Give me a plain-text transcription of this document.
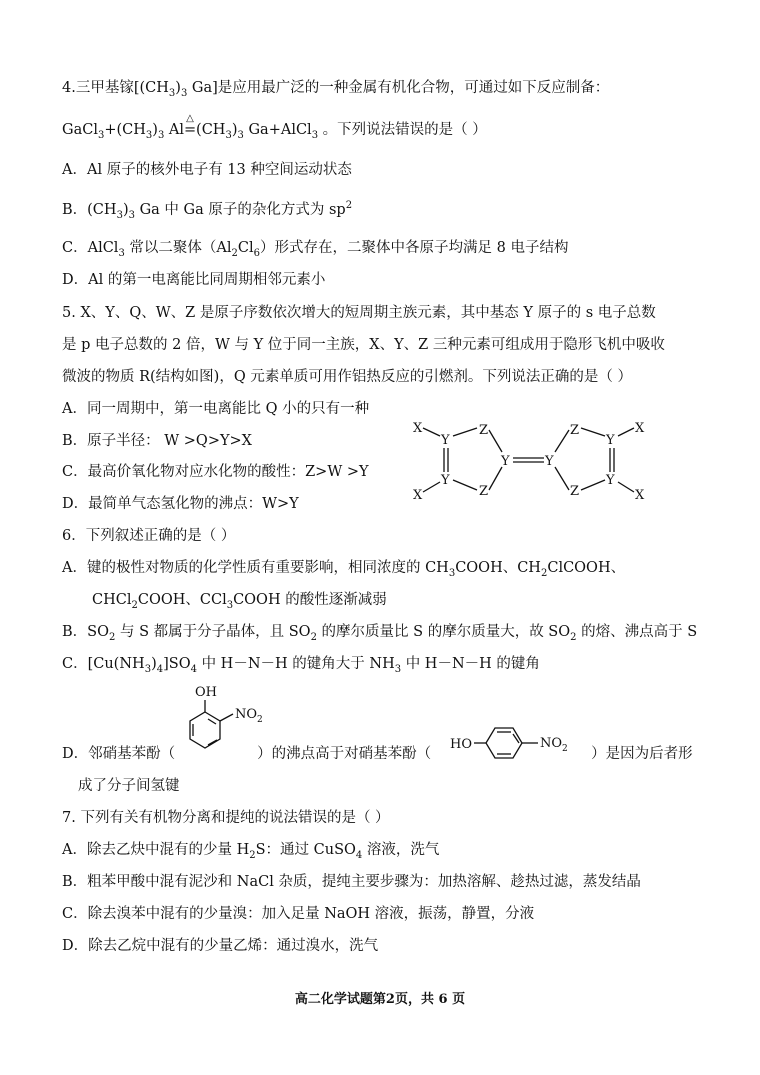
4.三甲基镓[$(CH_3)_3$ Ga]是应用最广泛的一种金属有机化合物，可通过如下反应制备：
$GaCl_3+(CH_3)_3$ Al
△
$=(CH_3)_3$ Ga+AlCl$_3$ 。下列说法错误的是（ ）
A．Al 原子的核外电子有 13 种空间运动状态
B．$(CH_3)_3$ Ga 中 Ga 原子的杂化方式为 $sp^2$
C．AlCl$_3$ 常以二聚体$(Al_2Cl_6)$形式存在，二聚体中各原子均满足 8 电子结构
D．Al 的第一电离能比同周期相邻元素小
5. X、Y、Q、W、Z 是原子序数依次增大的短周期主族元素，其中基态 Y 原子的 s 电子总数
是 p 电子总数的 2 倍，W 与 Y 位于同一主族，X、Y、Z 三种元素可组成用于隐形飞机中吸收
微波的物质 R(结构如图)，Q 元素单质可用作铝热反应的引燃剂。下列说法正确的是（ ）
A．同一周期中，第一电离能比 Q 小的只有一种
B．原子半径： W >Q>Y>X
C．最高价氧化物对应水化物的酸性：Z>W >Y
D．最简单气态氢化物的沸点：W>Y
X
X
Y
Y
Z
Z
Y	Y
Z
Z
Y
Y
X
X
6．下列叙述正确的是（ ）
A．键的极性对物质的化学性质有重要影响，相同浓度的 $CH_3COOH$、$CH_2ClCOOH$、
CHCl$_2$COOH、CCl$_3$COOH 的酸性逐渐减弱
B．$SO_2$ 与 S 都属于分子晶体，且 $SO_2$ 的摩尔质量比 S 的摩尔质量大，故 $SO_2$ 的熔、沸点高于 S
C．$[Cu(NH_3)_4]SO_4$ 中 H－N－H 的键角大于 $NH_3$ 中 H－N－H 的键角
OH
$NO_2$
D．邻硝基苯酚（	）的沸点高于对硝基苯酚（	）是因为后者形
HO	$NO_2$
成了分子间氢键
7. 下列有关有机物分离和提纯的说法错误的是（ ）
A．除去乙炔中混有的少量 $H_2S$：通过 CuSO$_4$ 溶液，洗气
B．粗苯甲酸中混有泥沙和 NaCl 杂质，提纯主要步骤为：加热溶解、趁热过滤，蒸发结晶
C．除去溴苯中混有的少量溴：加入足量 NaOH 溶液，振荡，静置，分液
D．除去乙烷中混有的少量乙烯：通过溴水，洗气
高二化学试题第2页，共 6 页
